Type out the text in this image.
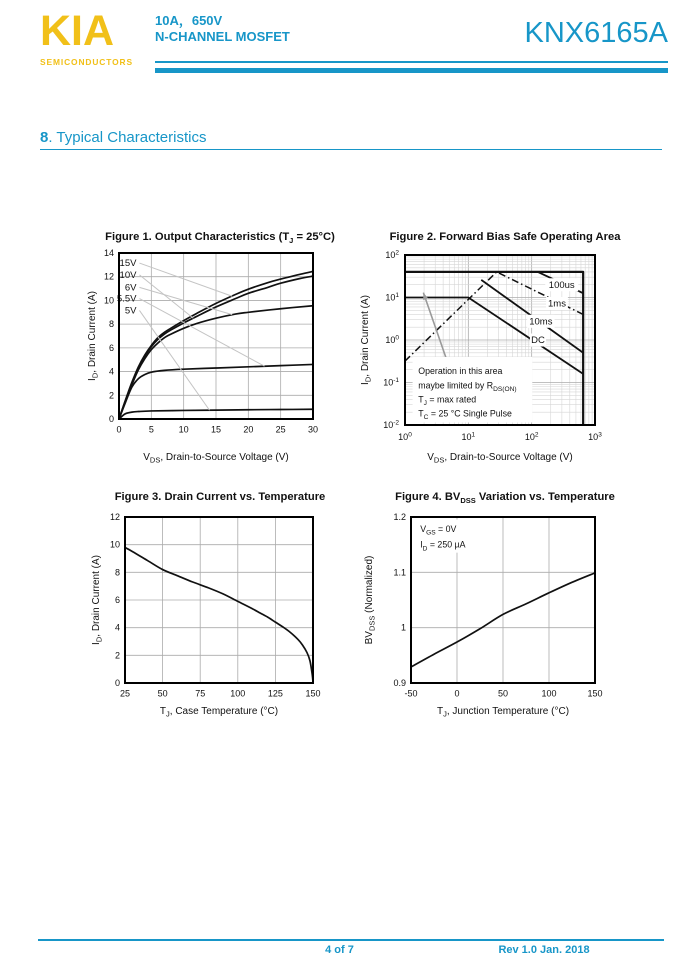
KIA
SEMICONDUCTORS
10A，650V
N-CHANNEL MOSFET	KNX6165A
8. Typical Characteristics
Figure 1. Output Characteristics $(T_J = 25^\circ C)$
15V
10V
6V
5.5V
5V
0	5	10 15 20 25 30
0
2
4
6
8
10
12
14
$V_{DS}$, Drain-to-Source Voltage (V)
$I_D$, Drain Current (A)
Figure 2. Forward Bias Safe Operating Area
100us
1ms
10ms
DC
Operation in this area
maybe limited by $R_{DS(ON)}$
$T_J = \max$ rated
$T_C = 25$ °C Single Pulse
$10^0$	$10^1$	$10^2$	$10^3$
$10^2$
$10^1$
$10^0$
$10^{-1}$
$10^{-2}$
$V_{DS}$, Drain-to-Source Voltage (V)
$I_D$, Drain Current (A)
Figure 3. Drain Current vs. Temperature
25	50	75	100	125	150
0
2
4
6
8
10
12
$T_J$, Case Temperature (°C)
$I_D$, Drain Current (A)
Figure 4. $BV_{DSS}$ Variation vs. Temperature
$V_{GS} = 0V$
$I_D = 250$ µA
-50	0	50	100	150
0.9
1
1.1
1.2
$T_J$, Junction Temperature (°C)
$BV_{DSS}$ (Normalized)
4 of 7	Rev 1.0 Jan. 2018
